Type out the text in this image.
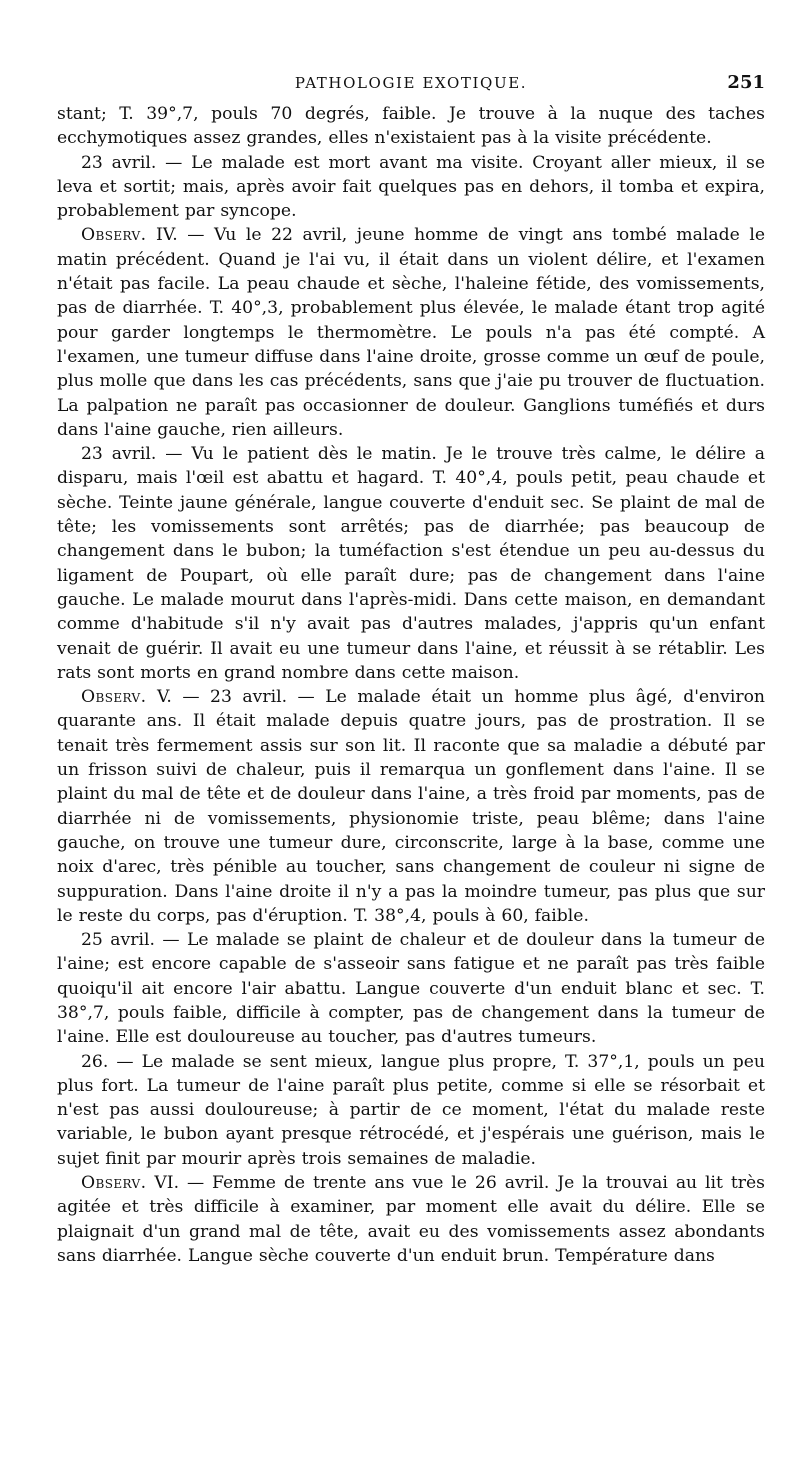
PATHOLOGIE EXOTIQUE.	251

stant; T. 39°,7, pouls 70 degrés, faible. Je trouve à la nuque des taches ecchymotiques assez grandes, elles n'existaient pas à la visite précédente.

23 avril. — Le malade est mort avant ma visite. Croyant aller mieux, il se leva et sortit; mais, après avoir fait quelques pas en dehors, il tomba et expira, probablement par syncope.

Observ. IV. — Vu le 22 avril, jeune homme de vingt ans tombé malade le matin précédent. Quand je l'ai vu, il était dans un violent délire, et l'examen n'était pas facile. La peau chaude et sèche, l'haleine fétide, des vomissements, pas de diarrhée. T. 40°,3, probablement plus élevée, le malade étant trop agité pour garder longtemps le thermomètre. Le pouls n'a pas été compté. A l'examen, une tumeur diffuse dans l'aine droite, grosse comme un œuf de poule, plus molle que dans les cas précédents, sans que j'aie pu trouver de fluctuation. La palpation ne paraît pas occasionner de douleur. Ganglions tuméfiés et durs dans l'aine gauche, rien ailleurs.

23 avril. — Vu le patient dès le matin. Je le trouve très calme, le délire a disparu, mais l'œil est abattu et hagard. T. 40°,4, pouls petit, peau chaude et sèche. Teinte jaune générale, langue couverte d'enduit sec. Se plaint de mal de tête; les vomissements sont arrêtés; pas de diarrhée; pas beaucoup de changement dans le bubon; la tuméfaction s'est étendue un peu au-dessus du ligament de Poupart, où elle paraît dure; pas de changement dans l'aine gauche. Le malade mourut dans l'après-midi. Dans cette maison, en demandant comme d'habitude s'il n'y avait pas d'autres malades, j'appris qu'un enfant venait de guérir. Il avait eu une tumeur dans l'aine, et réussit à se rétablir. Les rats sont morts en grand nombre dans cette maison.

Observ. V. — 23 avril. — Le malade était un homme plus âgé, d'environ quarante ans. Il était malade depuis quatre jours, pas de prostration. Il se tenait très fermement assis sur son lit. Il raconte que sa maladie a débuté par un frisson suivi de chaleur, puis il remarqua un gonflement dans l'aine. Il se plaint du mal de tête et de douleur dans l'aine, a très froid par moments, pas de diarrhée ni de vomissements, physionomie triste, peau blême; dans l'aine gauche, on trouve une tumeur dure, circonscrite, large à la base, comme une noix d'arec, très pénible au toucher, sans changement de couleur ni signe de suppuration. Dans l'aine droite il n'y a pas la moindre tumeur, pas plus que sur le reste du corps, pas d'éruption. T. 38°,4, pouls à 60, faible.

25 avril. — Le malade se plaint de chaleur et de douleur dans la tumeur de l'aine; est encore capable de s'asseoir sans fatigue et ne paraît pas très faible quoiqu'il ait encore l'air abattu. Langue couverte d'un enduit blanc et sec. T. 38°,7, pouls faible, difficile à compter, pas de changement dans la tumeur de l'aine. Elle est douloureuse au toucher, pas d'autres tumeurs.

26. — Le malade se sent mieux, langue plus propre, T. 37°,1, pouls un peu plus fort. La tumeur de l'aine paraît plus petite, comme si elle se résorbait et n'est pas aussi douloureuse; à partir de ce moment, l'état du malade reste variable, le bubon ayant presque rétrocédé, et j'espérais une guérison, mais le sujet finit par mourir après trois semaines de maladie.

Observ. VI. — Femme de trente ans vue le 26 avril. Je la trouvai au lit très agitée et très difficile à examiner, par moment elle avait du délire. Elle se plaignait d'un grand mal de tête, avait eu des vomissements assez abondants sans diarrhée. Langue sèche couverte d'un enduit brun. Température dans
